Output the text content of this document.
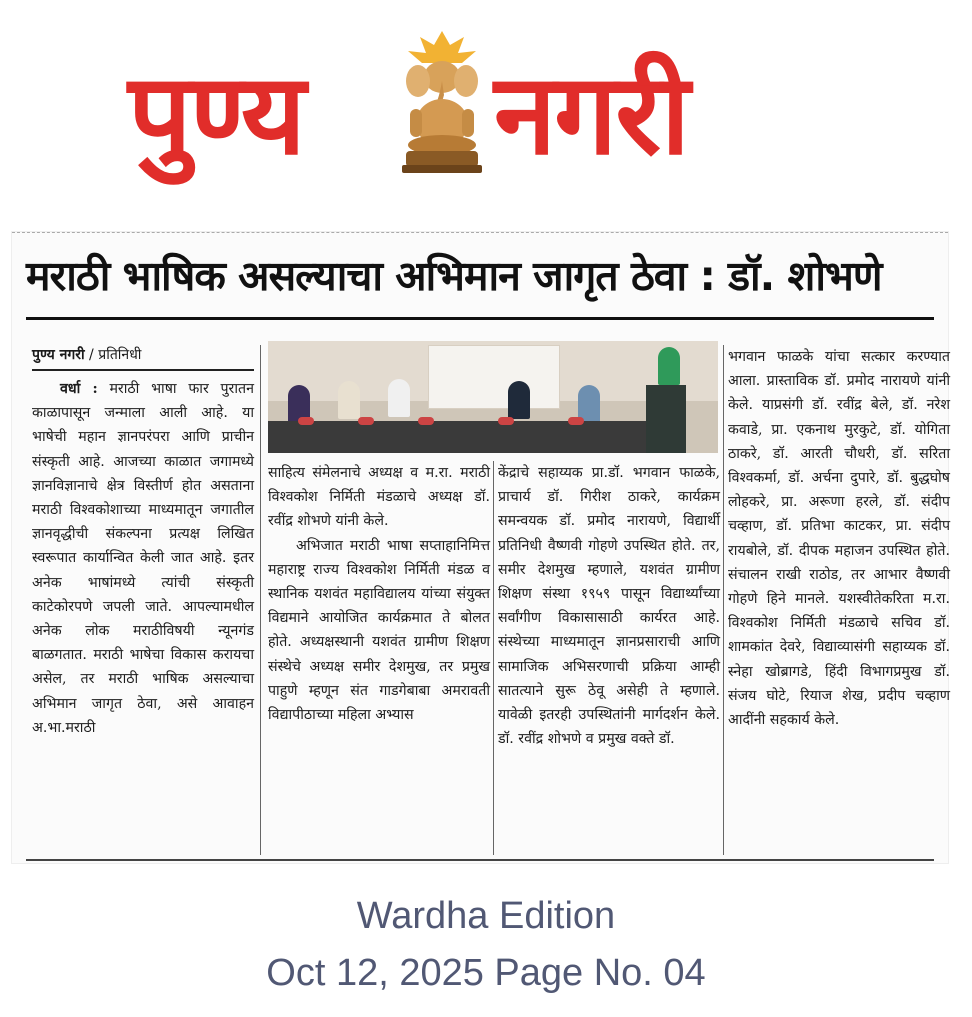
पुण्य नगरी
मराठी भाषिक असल्याचा अभिमान जागृत ठेवा : डॉ. शोभणे
पुण्य नगरी / प्रतिनिधी

वर्धा : मराठी भाषा फार पुरातन काळापासून जन्माला आली आहे. या भाषेची महान ज्ञानपरंपरा आणि प्राचीन संस्कृती आहे. आजच्या काळात जगामध्ये ज्ञानविज्ञानाचे क्षेत्र विस्तीर्ण होत असताना मराठी विश्वकोशाच्या माध्यमातून जगातील ज्ञानवृद्धीची संकल्पना प्रत्यक्ष लिखित स्वरूपात कार्यान्वित केली जात आहे. इतर अनेक भाषांमध्ये त्यांची संस्कृती काटेकोरपणे जपली जाते. आपल्यामधील अनेक लोक मराठीविषयी न्यूनगंड बाळगतात. मराठी भाषेचा विकास करायचा असेल, तर मराठी भाषिक असल्याचा अभिमान जागृत ठेवा, असे आवाहन अ.भा.मराठी

साहित्य संमेलनाचे अध्यक्ष व म.रा. मराठी विश्वकोश निर्मिती मंडळाचे अध्यक्ष डॉ. रवींद्र शोभणे यांनी केले.

अभिजात मराठी भाषा सप्ताहानिमित्त महाराष्ट्र राज्य विश्वकोश निर्मिती मंडळ व स्थानिक यशवंत महाविद्यालय यांच्या संयुक्त विद्यमाने आयोजित कार्यक्रमात ते बोलत होते. अध्यक्षस्थानी यशवंत ग्रामीण शिक्षण संस्थेचे अध्यक्ष समीर देशमुख, तर प्रमुख पाहुणे म्हणून संत गाडगेबाबा अमरावती विद्यापीठाच्या महिला अभ्यास

केंद्राचे सहाय्यक प्रा.डॉ. भगवान फाळके, प्राचार्य डॉ. गिरीश ठाकरे, कार्यक्रम समन्वयक डॉ. प्रमोद नारायणे, विद्यार्थी प्रतिनिधी वैष्णवी गोहणे उपस्थित होते. तर, समीर देशमुख म्हणाले, यशवंत ग्रामीण शिक्षण संस्था १९५९ पासून विद्यार्थ्यांच्या सर्वांगीण विकासासाठी कार्यरत आहे. संस्थेच्या माध्यमातून ज्ञानप्रसाराची आणि सामाजिक अभिसरणाची प्रक्रिया आम्ही सातत्याने सुरू ठेवू असेही ते म्हणाले. यावेळी इतरही उपस्थितांनी मार्गदर्शन केले. डॉ. रवींद्र शोभणे व प्रमुख वक्ते डॉ.

भगवान फाळके यांचा सत्कार करण्यात आला. प्रास्ताविक डॉ. प्रमोद नारायणे यांनी केले. याप्रसंगी डॉ. रवींद्र बेले, डॉ. नरेश कवाडे, प्रा. एकनाथ मुरकुटे, डॉ. योगिता ठाकरे, डॉ. आरती चौधरी, डॉ. सरिता विश्वकर्मा, डॉ. अर्चना दुपारे, डॉ. बुद्धघोष लोहकरे, प्रा. अरूणा हरले, डॉ. संदीप चव्हाण, डॉ. प्रतिभा काटकर, प्रा. संदीप रायबोले, डॉ. दीपक महाजन उपस्थित होते. संचालन राखी राठोड, तर आभार वैष्णवी गोहणे हिने मानले. यशस्वीतेकरिता म.रा. विश्वकोश निर्मिती मंडळाचे सचिव डॉ. शामकांत देवरे, विद्याव्यासंगी सहाय्यक डॉ. स्नेहा खोब्रागडे, हिंदी विभागप्रमुख डॉ. संजय घोटे, रियाज शेख, प्रदीप चव्हाण आदींनी सहकार्य केले.

Wardha Edition
Oct 12, 2025 Page No. 04
